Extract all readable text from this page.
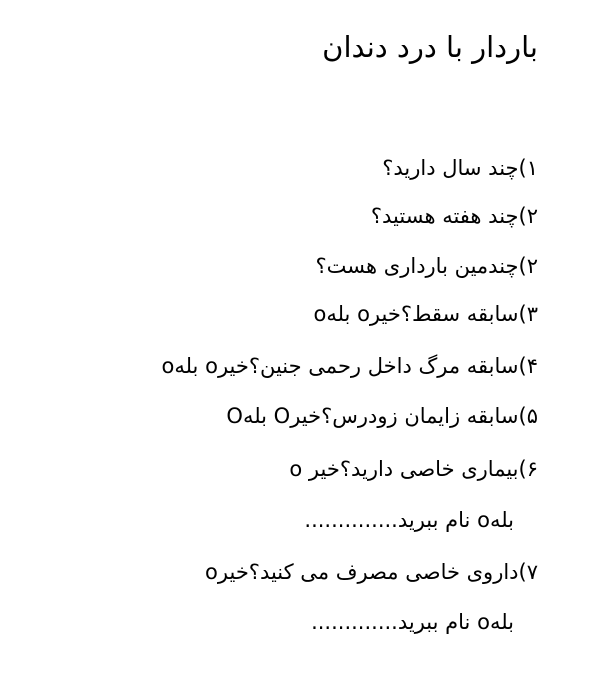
باردار با درد دندان
۱)چند سال دارید؟
۲)چند هفته هستید؟
۲)چندمین بارداری هست؟
۳)سابقه سقط؟خیرo بلهo
۴)سابقه مرگ داخل رحمی جنین؟خیرo بلهo
۵)سابقه زایمان زودرس؟خیرO بلهO
۶)بیماری خاصی دارید؟خیر o
بلهo نام ببرید..............
۷)داروی خاصی مصرف می کنید؟خیرo
بلهo نام ببرید.............
